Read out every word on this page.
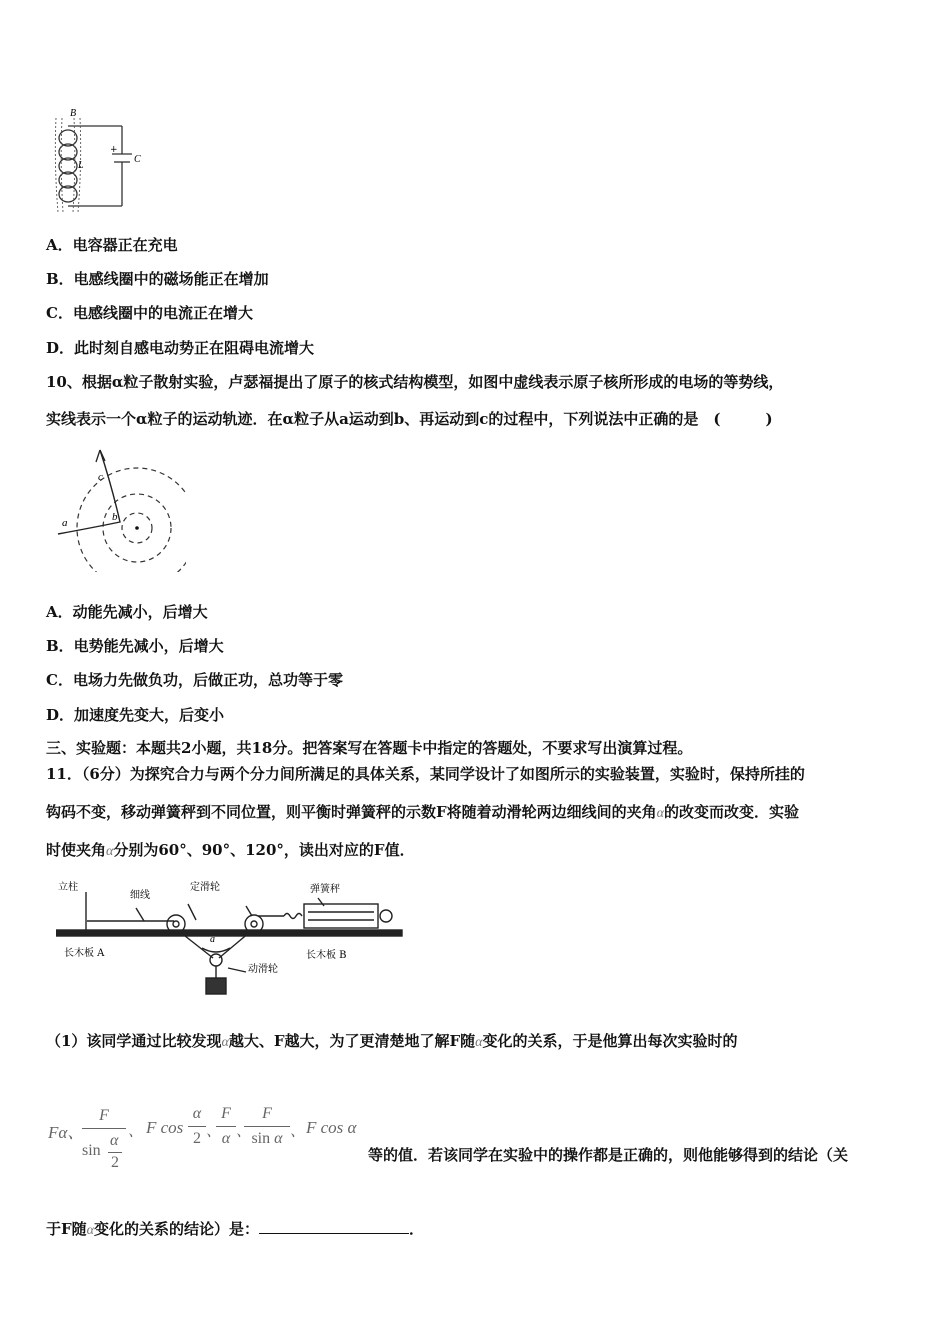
B
L
+
C
A．电容器正在充电
B．电感线圈中的磁场能正在增加
C．电感线圈中的电流正在增大
D．此时刻自感电动势正在阻碍电流增大
10、根据α粒子散射实验，卢瑟福提出了原子的核式结构模型，如图中虚线表示原子核所形成的电场的等势线，
实线表示一个α粒子的运动轨迹．在α粒子从a运动到b、再运动到c的过程中，下列说法中正确的是　(　　　)
a	b
c
A．动能先减小，后增大
B．电势能先减小，后增大
C．电场力先做负功，后做正功，总功等于零
D．加速度先变大，后变小
三、实验题：本题共2小题，共18分。把答案写在答题卡中指定的答题处，不要求写出演算过程。
11．（6分）为探究合力与两个分力间所满足的具体关系，某同学设计了如图所示的实验装置，实验时，保持所挂的
钩码不变，移动弹簧秤到不同位置，则平衡时弹簧秤的示数F将随着动滑轮两边细线间的夹角α的改变而改变．实验
时使夹角α分别为60°、90°、120°，读出对应的F值．
立柱
细线
定滑轮	弹簧秤
a
长木板 A	长木板 B
动滑轮
（1）该同学通过比较发现α越大、F越大，为了更清楚地了解F随α变化的关系，于是他算出每次实验时的
Fα、
F
sin
α
2
、 F cos
α
2 、
F
α 、
F
sin α 、 F cos α
等的值．若该同学在实验中的操作都是正确的，则他能够得到的结论（关
于F随α变化的关系的结论）是：	．
